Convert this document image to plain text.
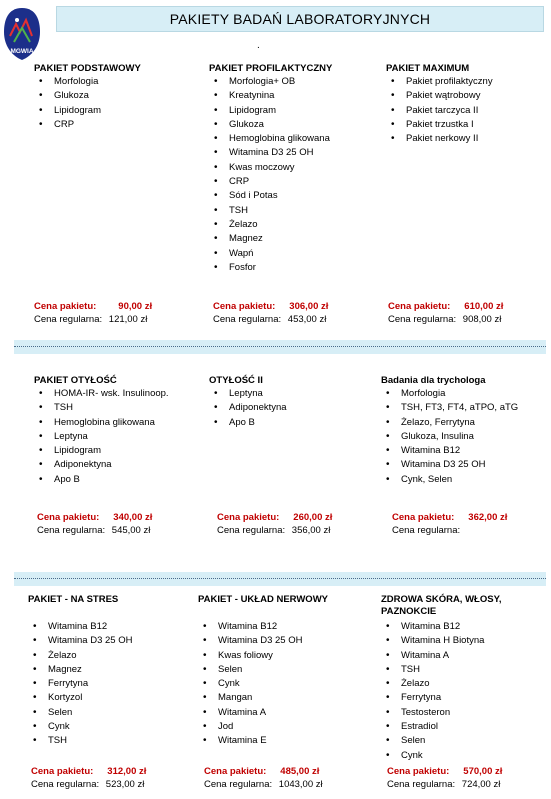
MGWIA
PAKIETY BADAŃ LABORATORYJNYCH
.
PAKIET PODSTAWOWY
• Morfologia
• Glukoza
• Lipidogram
• CRP
PAKIET PROFILAKTYCZNY
• Morfologia+ OB
• Kreatynina
• Lipidogram
• Glukoza
• Hemoglobina glikowana
• Witamina D3 25 OH
• Kwas moczowy
• CRP
• Sód i Potas
• TSH
• Żelazo
• Magnez
• Wapń
• Fosfor
PAKIET MAXIMUM
• Pakiet profilaktyczny
• Pakiet wątrobowy
• Pakiet tarczyca II
• Pakiet trzustka I
• Pakiet nerkowy II
Cena pakietu: 90,00 zł
Cena regularna: 121,00 zł
Cena pakietu: 306,00 zł
Cena regularna: 453,00 zł
Cena pakietu: 610,00 zł
Cena regularna: 908,00 zł
PAKIET OTYŁOŚĆ
• HOMA-IR- wsk. Insulinoop.
• TSH
• Hemoglobina glikowana
• Leptyna
• Lipidogram
• Adiponektyna
• Apo B
OTYŁOŚĆ II
• Leptyna
• Adiponektyna
• Apo B
Badania dla trychologa
• Morfologia
• TSH, FT3, FT4, aTPO, aTG
• Żelazo, Ferrytyna
• Glukoza, Insulina
• Witamina B12
• Witamina D3 25 OH
• Cynk, Selen
Cena pakietu: 340,00 zł
Cena regularna: 545,00 zł
Cena pakietu: 260,00 zł
Cena regularna: 356,00 zł
Cena pakietu: 362,00 zł
Cena regularna:
PAKIET - NA STRES
• Witamina B12
• Witamina D3 25 OH
• Żelazo
• Magnez
• Ferrytyna
• Kortyzol
• Selen
• Cynk
• TSH
PAKIET - UKŁAD NERWOWY
• Witamina B12
• Witamina D3 25 OH
• Kwas foliowy
• Selen
• Cynk
• Mangan
• Witamina A
• Jod
• Witamina E
ZDROWA SKÓRA, WŁOSY, PAZNOKCIE
• Witamina B12
• Witamina H Biotyna
• Witamina A
• TSH
• Żelazo
• Ferrytyna
• Testosteron
• Estradiol
• Selen
• Cynk
Cena pakietu: 312,00 zł
Cena regularna: 523,00 zł
Cena pakietu: 485,00 zł
Cena regularna: 1043,00 zł
Cena pakietu: 570,00 zł
Cena regularna: 724,00 zł
